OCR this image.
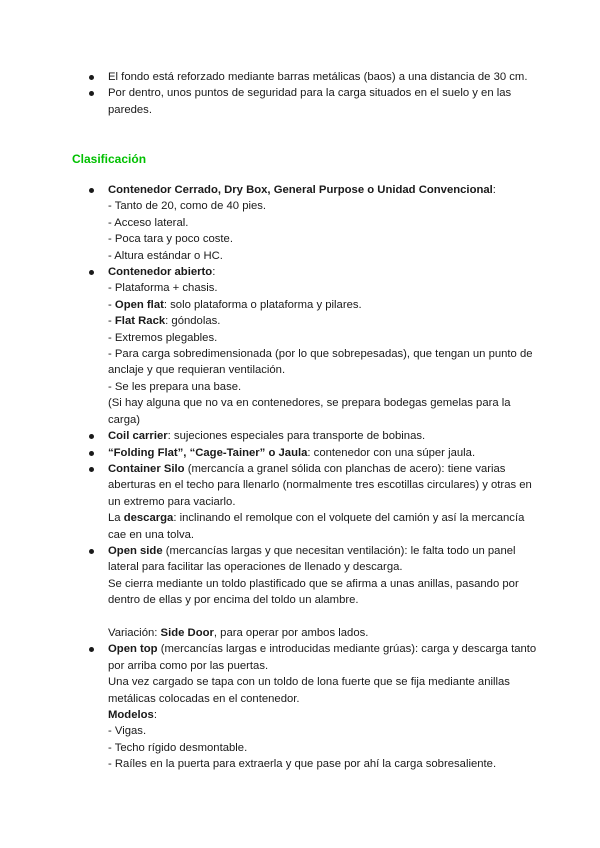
El fondo está reforzado mediante barras metálicas (baos) a una distancia de 30 cm.
Por dentro, unos puntos de seguridad para la carga situados en el suelo y en las paredes.
Clasificación
Contenedor Cerrado, Dry Box, General Purpose o Unidad Convencional:
- Tanto de 20, como de 40 pies.
- Acceso lateral.
- Poca tara y poco coste.
- Altura estándar o HC.
Contenedor abierto:
- Plataforma + chasis.
- Open flat: solo plataforma o plataforma y pilares.
- Flat Rack: góndolas.
- Extremos plegables.
- Para carga sobredimensionada (por lo que sobrepesadas), que tengan un punto de anclaje y que requieran ventilación.
- Se les prepara una base.
(Si hay alguna que no va en contenedores, se prepara bodegas gemelas para la carga)
Coil carrier: sujeciones especiales para transporte de bobinas.
“Folding Flat”, “Cage-Tainer” o Jaula: contenedor con una súper jaula.
Container Silo (mercancía a granel sólida con planchas de acero): tiene varias aberturas en el techo para llenarlo (normalmente tres escotillas circulares) y otras en un extremo para vaciarlo.
La descarga: inclinando el remolque con el volquete del camión y así la mercancía cae en una tolva.
Open side (mercancías largas y que necesitan ventilación): le falta todo un panel lateral para facilitar las operaciones de llenado y descarga.
Se cierra mediante un toldo plastificado que se afirma a unas anillas, pasando por dentro de ellas y por encima del toldo un alambre.
Variación: Side Door, para operar por ambos lados.
Open top (mercancías largas e introducidas mediante grúas): carga y descarga tanto por arriba como por las puertas.
Una vez cargado se tapa con un toldo de lona fuerte que se fija mediante anillas metálicas colocadas en el contenedor.
Modelos:
- Vigas.
- Techo rígido desmontable.
- Raíles en la puerta para extraerla y que pase por ahí la carga sobresaliente.
